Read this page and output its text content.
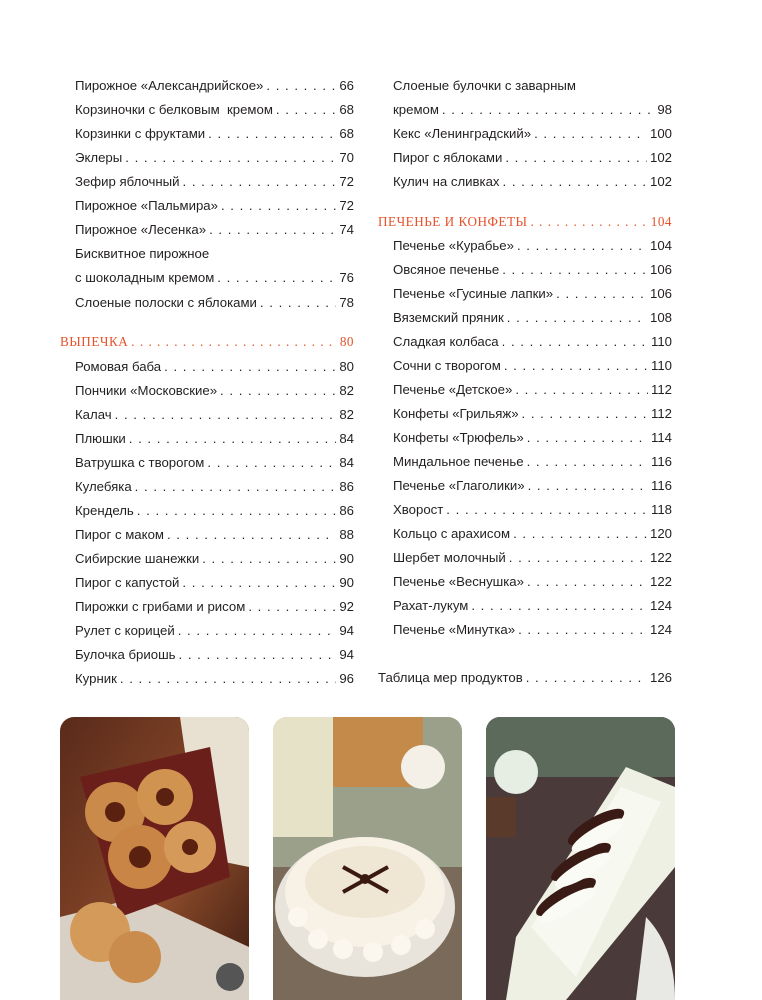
Пирожное «Александрийское» . . .	66
Корзиночки с белковым  кремом . . .	68
Корзинки с фруктами . . .	68
Эклеры . . .	70
Зефир яблочный . . .	72
Пирожное «Пальмира» . . .	72
Пирожное «Лесенка» . . .	74
Бисквитное пирожное
с шоколадным кремом . . .	76
Слоеные полоски с яблоками . . .	78
ВЫПЕЧКА . . .	80
Ромовая баба . . .	80
Пончики «Московские» . . .	82
Калач . . .	82
Плюшки . . .	84
Ватрушка с творогом . . .	84
Кулебяка . . .	86
Крендель . . .	86
Пирог с маком . . .	88
Сибирские шанежки . . .	90
Пирог с капустой . . .	90
Пирожки с грибами и рисом . . .	92
Рулет с корицей . . .	94
Булочка бриошь . . .	94
Курник . . .	96
Слоеные булочки с заварным
кремом . . .	98
Кекс «Ленинградский» . . .	100
Пирог с яблоками . . .	102
Кулич на сливках . . .	102
ПЕЧЕНЬЕ И КОНФЕТЫ . . .	104
Печенье «Курабье» . . .	104
Овсяное печенье . . .	106
Печенье «Гусиные лапки» . . .	106
Вяземский пряник . . .	108
Сладкая колбаса . . .	110
Сочни с творогом . . .	110
Печенье «Детское» . . .	112
Конфеты «Грильяж» . . .	112
Конфеты «Трюфель» . . .	114
Миндальное печенье . . .	116
Печенье «Глаголики» . . .	116
Хворост . . .	118
Кольцо с арахисом . . .	120
Шербет молочный . . .	122
Печенье «Веснушка» . . .	122
Рахат-лукум . . .	124
Печенье «Минутка» . . .	124
Таблица мер продуктов . . .	126
